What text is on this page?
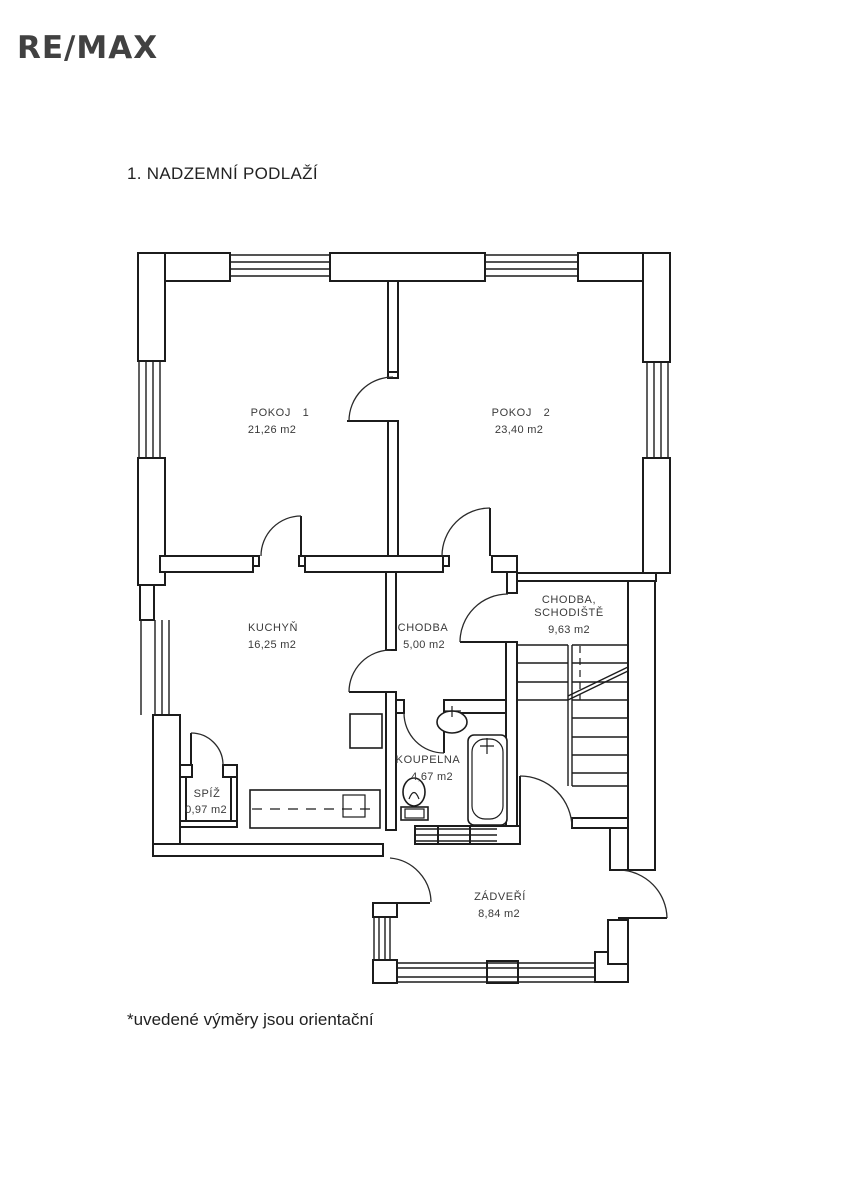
RE/MAX
1. NADZEMNÍ PODLAŽÍ
POKOJ 1
21,26 m2
POKOJ 2
23,40 m2
KUCHYŇ
16,25 m2
CHODBA
5,00 m2
CHODBA,
SCHODIŠTĚ
9,63 m2
SPÍŽ
0,97 m2
KOUPELNA
4,67 m2
ZÁDVEŘÍ
8,84 m2
*uvedené výměry jsou orientační
